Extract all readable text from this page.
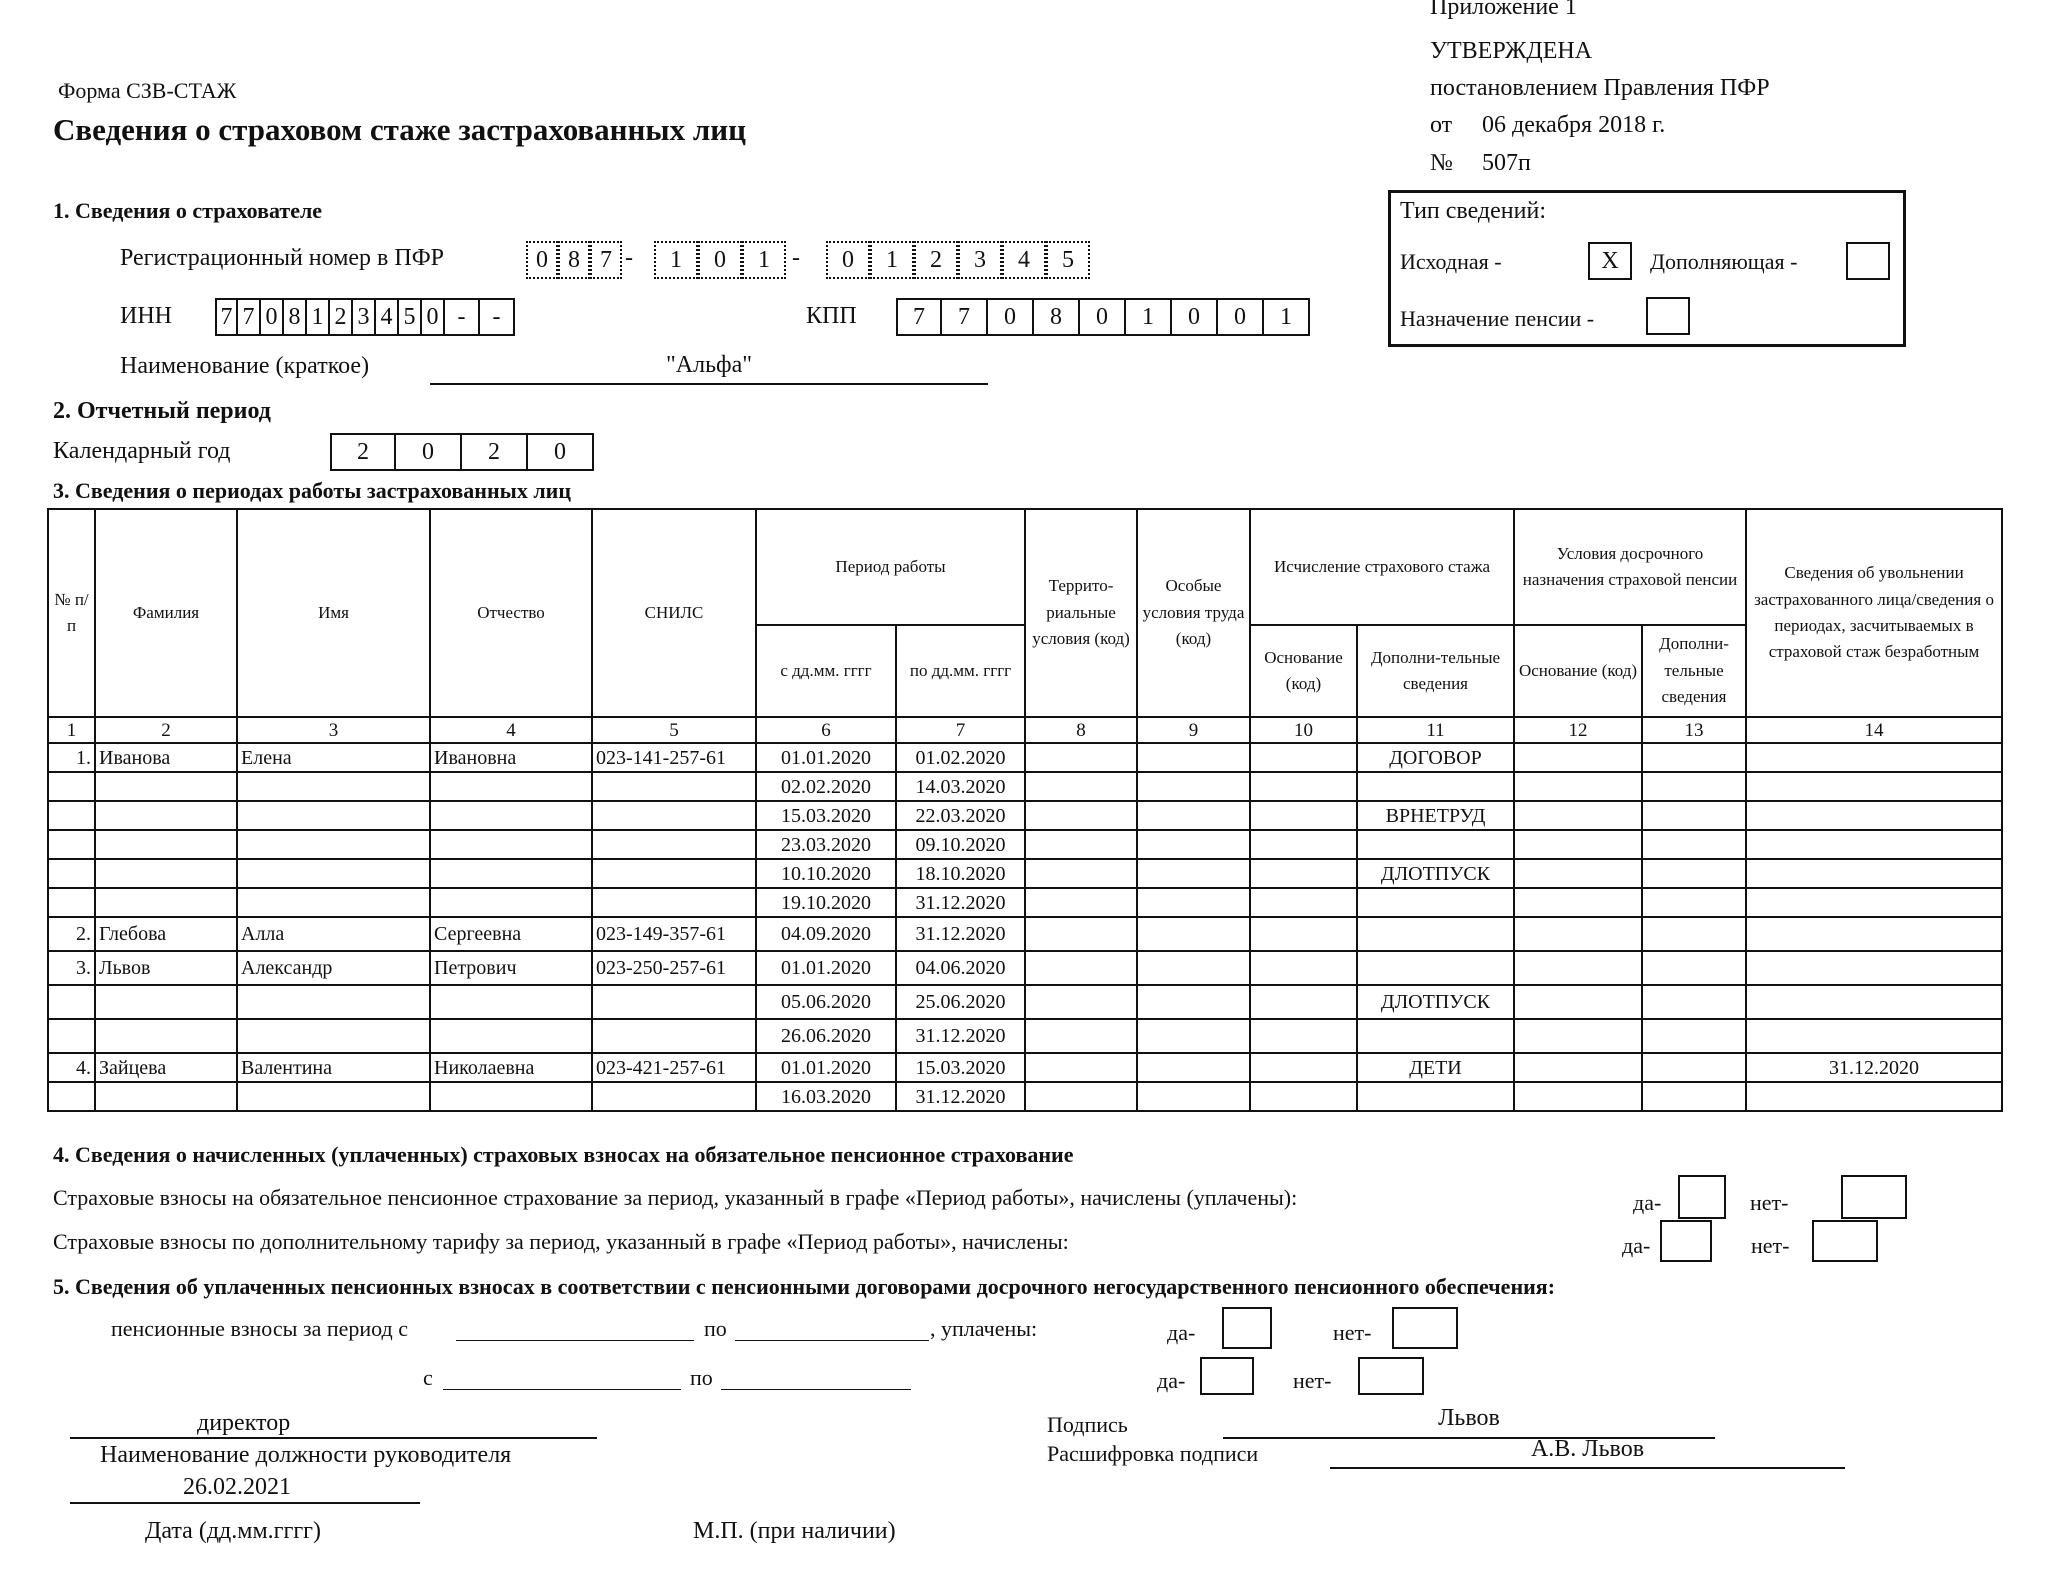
Приложение 1
УТВЕРЖДЕНА
постановлением Правления ПФР
от 06 декабря 2018 г.
№ 507п
Форма СЗВ-СТАЖ
Сведения о страховом стаже застрахованных лиц
1. Сведения о страхователе
Регистрационный номер в ПФР	0 8 7 -	1	0	1 -	0	1	2	3	4	5
ИНН 7 7 0 8 1 2 3 4 5 0 -	-	КПП	7	7	0	8	0	1	0	0	1
Наименование (краткое)	"Альфа"
Тип сведений:
Исходная -	X	Дополняющая -
Назначение пенсии -
2. Отчетный период
Календарный год	2	0	2	0
3. Сведения о периодах работы застрахованных лиц
№ п/п	Фамилия	Имя	Отчество	СНИЛС	Период работы		Террито-риальные условия (код)	Особые условия труда (код)	Исчисление страхового стажа		Условия досрочного назначения страховой пенсии		Сведения об увольнении застрахованного лица/сведения о периодах, засчитываемых в страховой стаж безработным
					с дд.мм. гггг	по дд.мм. гггг			Основание (код)	Дополни-тельные сведения	Основание (код)	Дополни-тельные сведения	
1	2	3	4	5	6	7	8	9	10	11	12	13	14
1.	Иванова	Елена	Ивановна	023-141-257-61	01.01.2020	01.02.2020				ДОГОВОР			
					02.02.2020	14.03.2020							
					15.03.2020	22.03.2020				ВРНЕТРУД			
					23.03.2020	09.10.2020							
					10.10.2020	18.10.2020				ДЛОТПУСК			
					19.10.2020	31.12.2020							
2.	Глебова	Алла	Сергеевна	023-149-357-61	04.09.2020	31.12.2020							
3.	Львов	Александр	Петрович	023-250-257-61	01.01.2020	04.06.2020							
					05.06.2020	25.06.2020				ДЛОТПУСК			
					26.06.2020	31.12.2020							
4.	Зайцева	Валентина	Николаевна	023-421-257-61	01.01.2020	15.03.2020				ДЕТИ			31.12.2020
					16.03.2020	31.12.2020							
4. Сведения о начисленных (уплаченных) страховых взносах на обязательное пенсионное страхование
Страховые взносы на обязательное пенсионное страхование за период, указанный в графе «Период работы», начислены (уплачены):	да-	нет-
Страховые взносы по дополнительному тарифу за период, указанный в графе «Период работы», начислены:	да-	нет-
5. Сведения об уплаченных пенсионных взносах в соответствии с пенсионными договорами досрочного негосударственного пенсионного обеспечения:
пенсионные взносы за период с	по	, уплачены:	да-	нет-
с	по	да-	нет-
директор
Наименование должности руководителя
26.02.2021
Дата (дд.мм.гггг)	М.П. (при наличии)
Подпись	Львов
Расшифровка подписи	А.В. Львов
